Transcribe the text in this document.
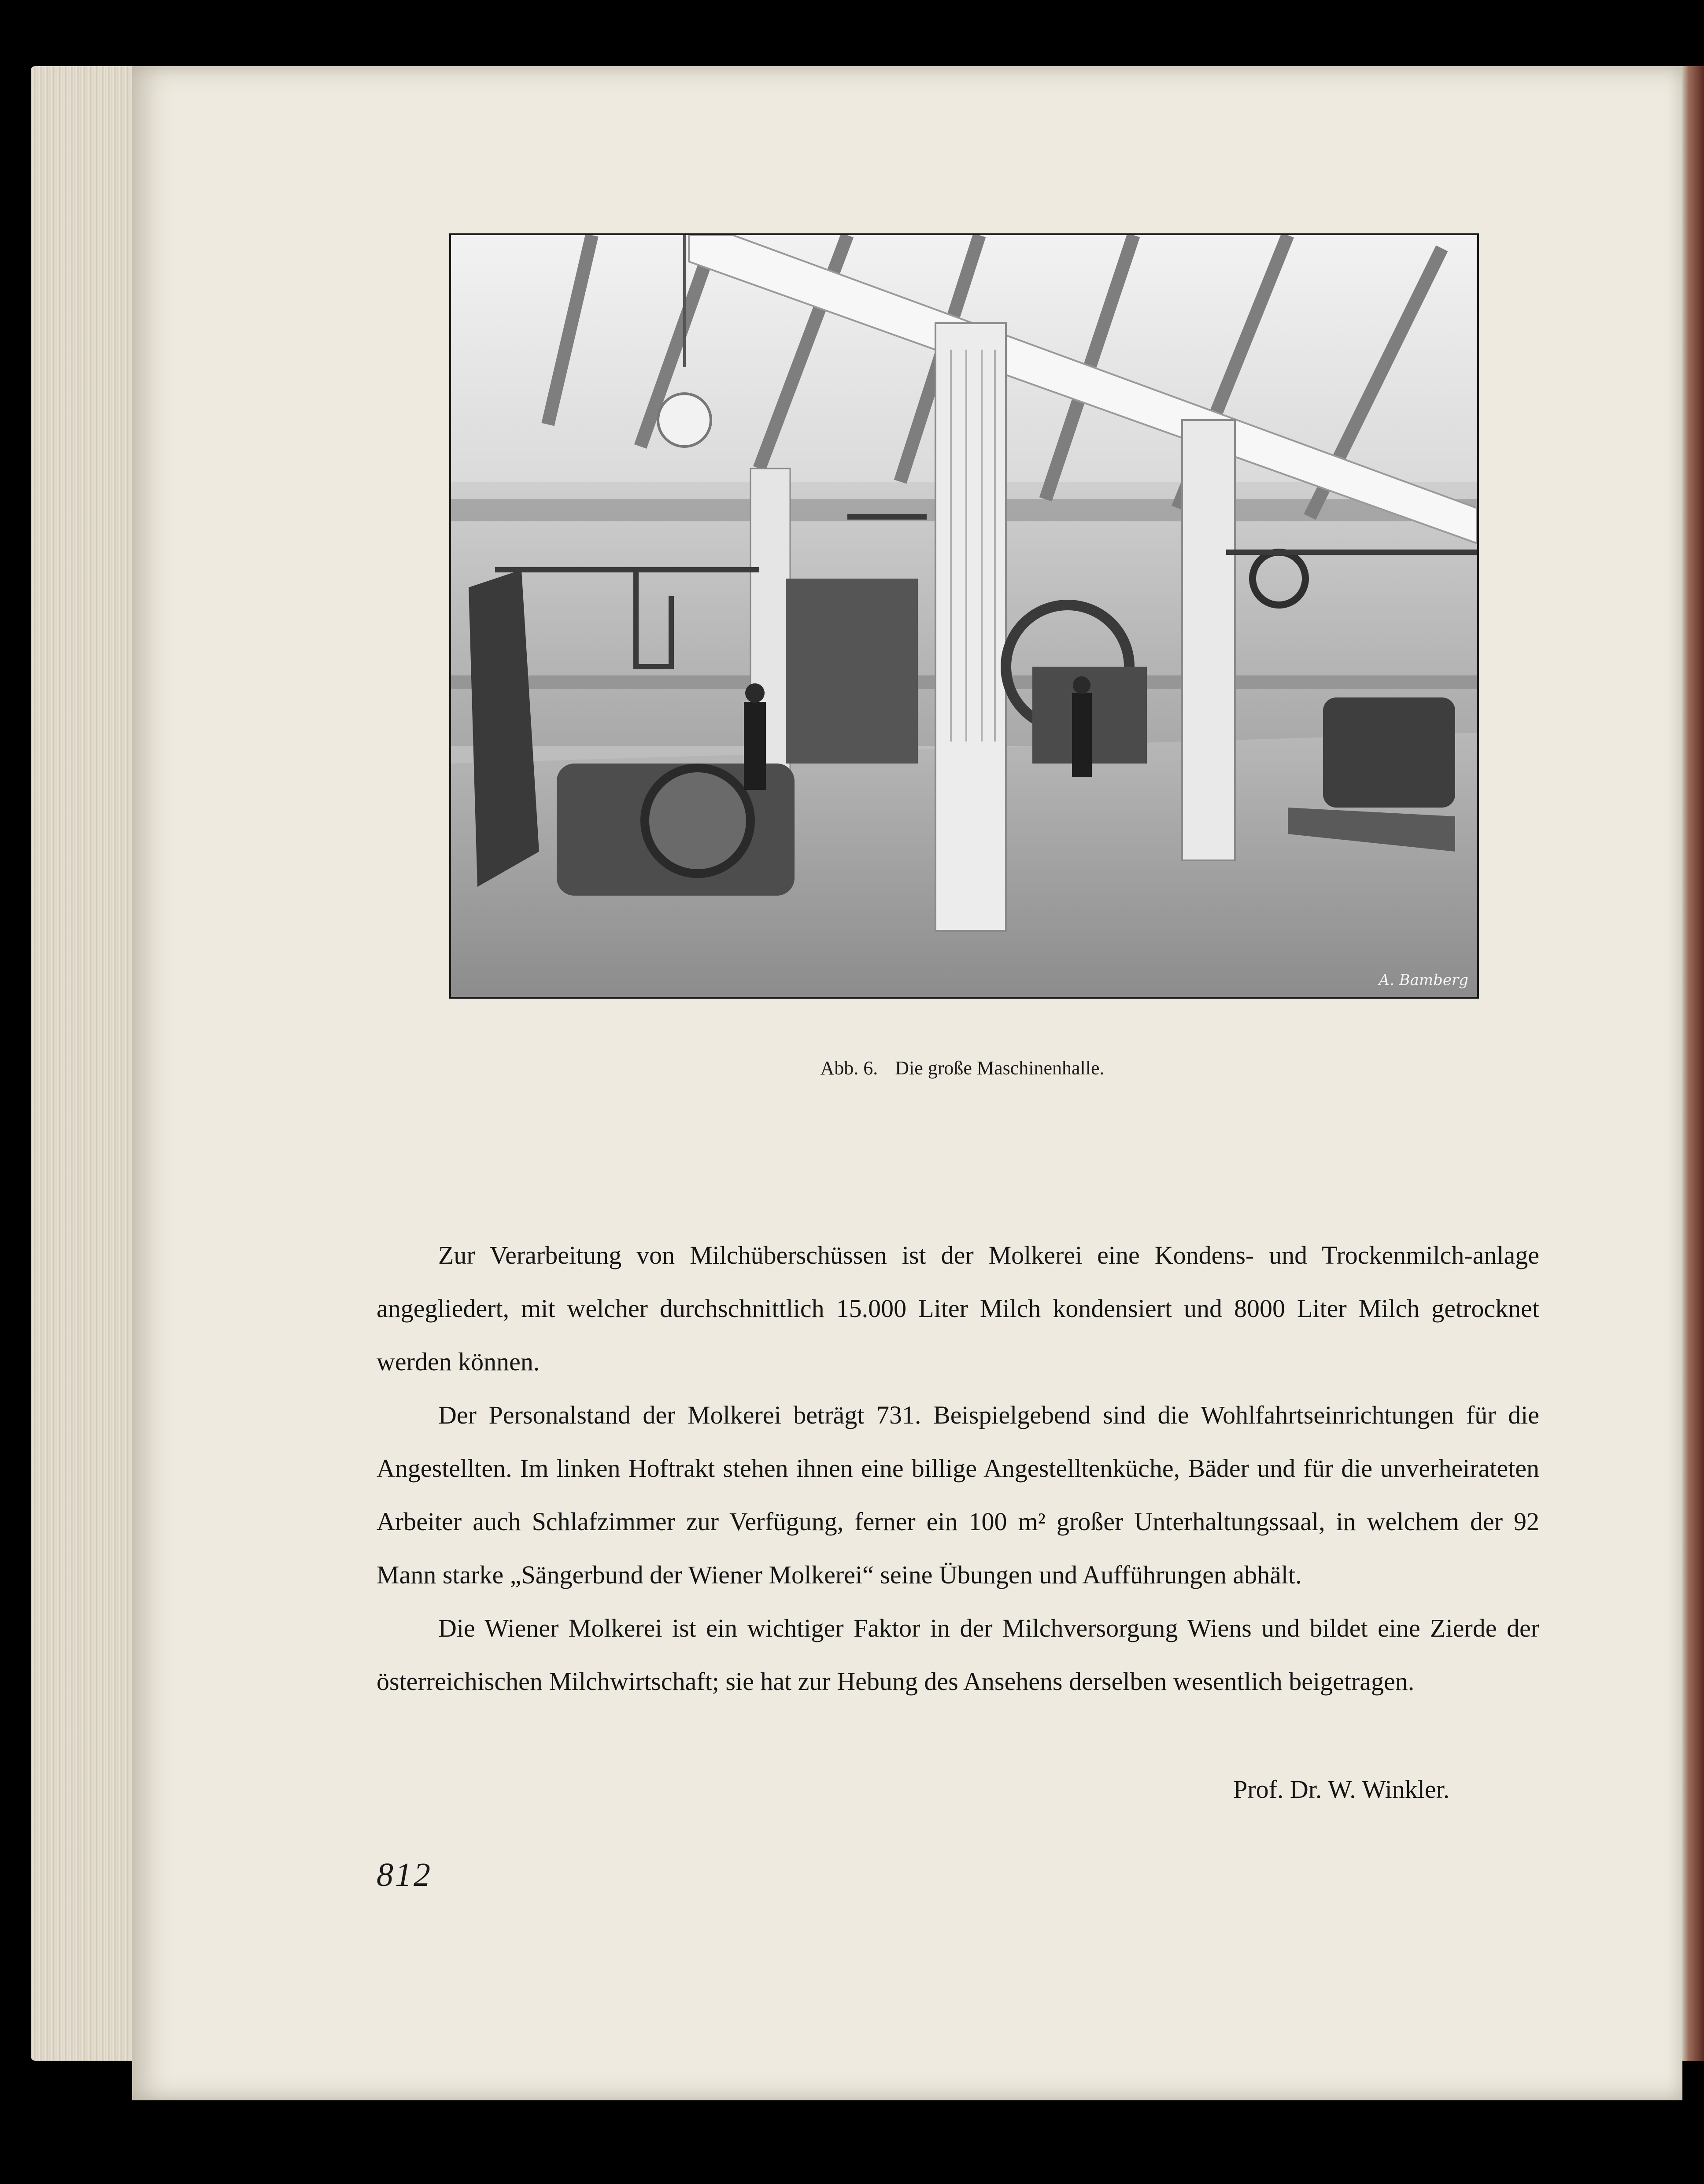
A. Bamberg
Abb. 6. Die große Maschinenhalle.

Zur Verarbeitung von Milchüberschüssen ist der Molkerei eine Kondens- und Trockenmilch-anlage angegliedert, mit welcher durchschnittlich 15.000 Liter Milch kondensiert und 8000 Liter Milch getrocknet werden können.

Der Personalstand der Molkerei beträgt 731. Beispielgebend sind die Wohlfahrtseinrichtungen für die Angestellten. Im linken Hoftrakt stehen ihnen eine billige Angestelltenküche, Bäder und für die unverheirateten Arbeiter auch Schlafzimmer zur Verfügung, ferner ein 100 m² großer Unterhaltungssaal, in welchem der 92 Mann starke „Sängerbund der Wiener Molkerei“ seine Übungen und Aufführungen abhält.

Die Wiener Molkerei ist ein wichtiger Faktor in der Milchversorgung Wiens und bildet eine Zierde der österreichischen Milchwirtschaft; sie hat zur Hebung des Ansehens derselben wesentlich beigetragen.

Prof. Dr. W. Winkler.
812
